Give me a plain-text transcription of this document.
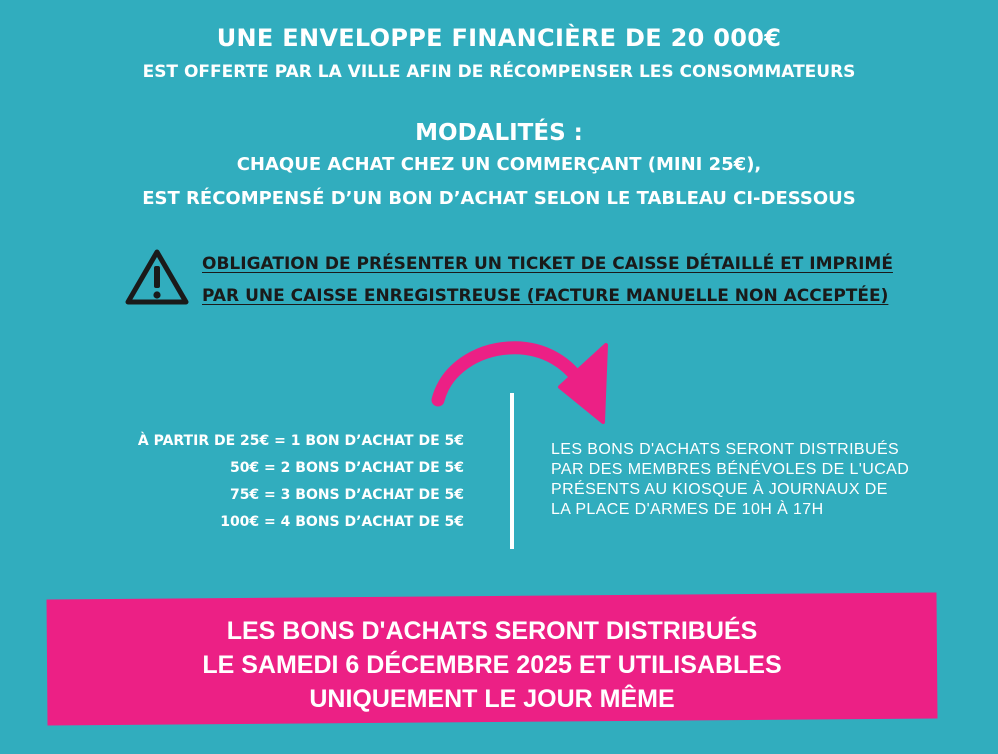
UNE ENVELOPPE FINANCIÈRE DE 20 000€
EST OFFERTE PAR LA VILLE AFIN DE RÉCOMPENSER LES CONSOMMATEURS
MODALITÉS :
CHAQUE ACHAT CHEZ UN COMMERÇANT (MINI 25€),
EST RÉCOMPENSÉ D’UN BON D’ACHAT SELON LE TABLEAU CI-DESSOUS
OBLIGATION DE PRÉSENTER UN TICKET DE CAISSE DÉTAILLÉ ET IMPRIMÉ
PAR UNE CAISSE ENREGISTREUSE (FACTURE MANUELLE NON ACCEPTÉE)
À PARTIR DE 25€ = 1 BON D’ACHAT DE 5€
50€ = 2 BONS D’ACHAT DE 5€
75€ = 3 BONS D’ACHAT DE 5€
100€ = 4 BONS D’ACHAT DE 5€
LES BONS D'ACHATS SERONT DISTRIBUÉS
PAR DES MEMBRES BÉNÉVOLES DE L'UCAD
PRÉSENTS AU KIOSQUE À JOURNAUX DE
LA PLACE D'ARMES DE 10H À 17H
LES BONS D'ACHATS SERONT DISTRIBUÉS
LE SAMEDI 6 DÉCEMBRE 2025 ET UTILISABLES
UNIQUEMENT LE JOUR MÊME
